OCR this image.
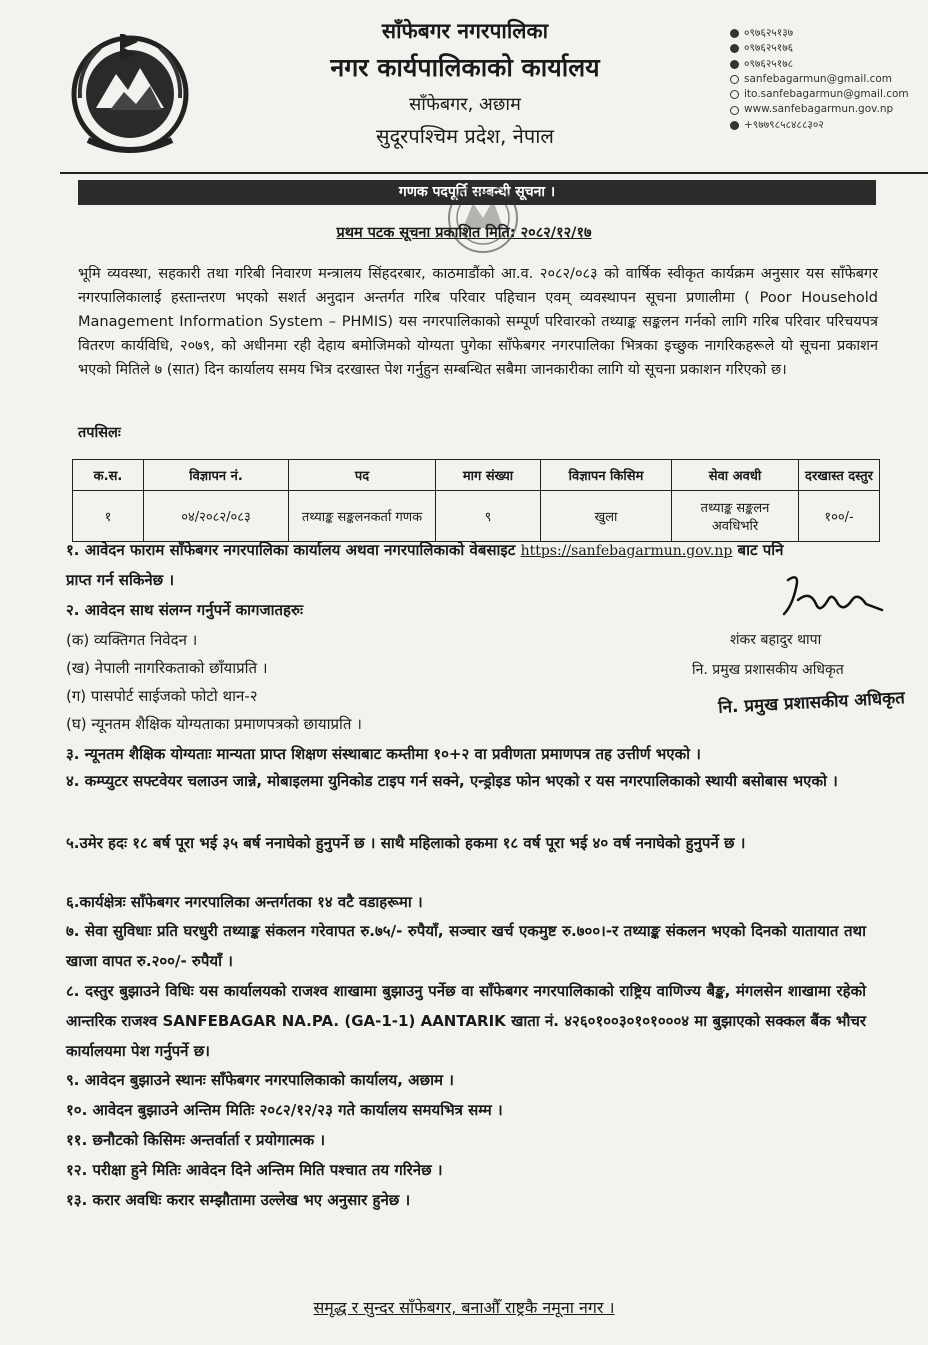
साँफेबगर नगरपालिका
नगर कार्यपालिकाको कार्यालय
साँफेबगर, अछाम
सुदूरपश्चिम प्रदेश, नेपाल
०९७६२५१३७
०९७६२५१७६
०९७६२५१७८
sanfebagarmun@gmail.com
ito.sanfebagarmun@gmail.com
www.sanfebagarmun.gov.np
+९७७९८५८४८८३०२
गणक पदपूर्ति सम्बन्धी सूचना ।
प्रथम पटक सूचना प्रकाशित मिति: २०८२/१२/१७
भूमि व्यवस्था, सहकारी तथा गरिबी निवारण मन्त्रालय सिंहदरबार, काठमाडौंको आ.व. २०८२/०८३ को वार्षिक स्वीकृत कार्यक्रम अनुसार यस साँफेबगर नगरपालिकालाई हस्तान्तरण भएको सशर्त अनुदान अन्तर्गत गरिब परिवार पहिचान एवम् व्यवस्थापन सूचना प्रणालीमा ( Poor Household Management Information System – PHMIS) यस नगरपालिकाको सम्पूर्ण परिवारको तथ्याङ्क सङ्कलन गर्नको लागि गरिब परिवार परिचयपत्र वितरण कार्यविधि, २०७९, को अधीनमा रही देहाय बमोजिमको योग्यता पुगेका साँफेबगर नगरपालिका भित्रका इच्छुक नागरिकहरूले यो सूचना प्रकाशन भएको मितिले ७ (सात) दिन कार्यालय समय भित्र दरखास्त पेश गर्नुहुन सम्बन्धित सबैमा जानकारीका लागि यो सूचना प्रकाशन गरिएको छ।
तपसिलः
क.स.	विज्ञापन नं.	पद	माग संख्या	विज्ञापन किसिम	सेवा अवधी	दरखास्त दस्तुर
१	०४/२०८२/०८३	तथ्याङ्क सङ्कलनकर्ता गणक	९	खुला	तथ्याङ्क सङ्कलन अवधिभरि	१००/-
१. आवेदन फाराम साँफेबगर नगरपालिका कार्यालय अथवा नगरपालिकाको वेबसाइट https://sanfebagarmun.gov.np बाट पनि
प्राप्त गर्न सकिनेछ ।
२. आवेदन साथ संलग्न गर्नुपर्ने कागजातहरुः
(क) व्यक्तिगत निवेदन ।
(ख) नेपाली नागरिकताको छाँयाप्रति ।
(ग) पासपोर्ट साईजको फोटो थान-२
(घ) न्यूनतम शैक्षिक योग्यताका प्रमाणपत्रको छायाप्रति ।
३. न्यूनतम शैक्षिक योग्यताः मान्यता प्राप्त शिक्षण संस्थाबाट कम्तीमा १०+२ वा प्रवीणता प्रमाणपत्र तह उत्तीर्ण भएको ।
४. कम्प्युटर सफ्टवेयर चलाउन जान्ने, मोबाइलमा युनिकोड टाइप गर्न सक्ने, एन्ड्रोइड फोन भएको र यस नगरपालिकाको स्थायी बसोबास भएको ।
५.उमेर हदः १८ बर्ष पूरा भई ३५ बर्ष ननाघेको हुनुपर्ने छ । साथै महिलाको हकमा १८ वर्ष पूरा भई ४० वर्ष ननाघेको हुनुपर्ने छ ।
६.कार्यक्षेत्रः साँफेबगर नगरपालिका अन्तर्गतका १४ वटै वडाहरूमा ।
७. सेवा सुविधाः प्रति घरधुरी तथ्याङ्क संकलन गरेवापत रु.७५/- रुपैयाँ, सञ्चार खर्च एकमुष्ट रु.७००।-र तथ्याङ्क संकलन भएको दिनको यातायात तथा खाजा वापत रु.२००/- रुपैयाँ ।
८. दस्तुर बुझाउने विधिः यस कार्यालयको राजश्व शाखामा बुझाउनु पर्नेछ वा साँफेबगर नगरपालिकाको राष्ट्रिय वाणिज्य बैङ्क, मंगलसेन शाखामा रहेको आन्तरिक राजश्व SANFEBAGAR NA.PA. (GA-1-1) AANTARIK खाता नं. ४२६०१००३०१०१०००४ मा बुझाएको सक्कल बैंक भौचर कार्यालयमा पेश गर्नुपर्ने छ।
९. आवेदन बुझाउने स्थानः साँफेबगर नगरपालिकाको कार्यालय, अछाम ।
१०. आवेदन बुझाउने अन्तिम मितिः २०८२/१२/२३ गते कार्यालय समयभित्र सम्म ।
११. छनौटको किसिमः अन्तर्वार्ता र प्रयोगात्मक ।
१२. परीक्षा हुने मितिः आवेदन दिने अन्तिम मिति पश्चात तय गरिनेछ ।
१३. करार अवधिः करार सम्झौतामा उल्लेख भए अनुसार हुनेछ ।
शंकर बहादुर थापा
नि. प्रमुख प्रशासकीय अधिकृत
नि. प्रमुख प्रशासकीय अधिकृत
समृद्ध र सुन्दर साँफेबगर, बनाऔँ राष्ट्रकै नमूना नगर ।
